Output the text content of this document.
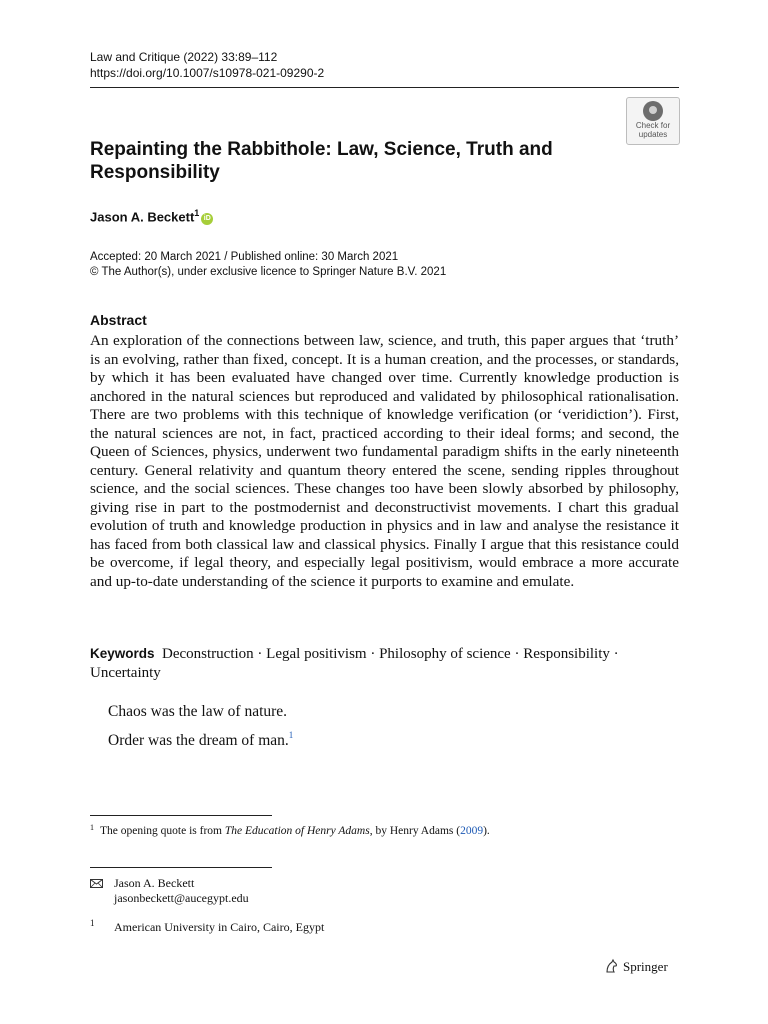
Law and Critique (2022) 33:89–112
https://doi.org/10.1007/s10978-021-09290-2
Check for
updates
Repainting the Rabbithole: Law, Science, Truth and Responsibility
Jason A. Beckett$^1$iD
Accepted: 20 March 2021 / Published online: 30 March 2021
© The Author(s), under exclusive licence to Springer Nature B.V. 2021
Abstract
An exploration of the connections between law, science, and truth, this paper argues that ‘truth’ is an evolving, rather than fixed, concept. It is a human creation, and the processes, or standards, by which it has been evaluated have changed over time. Currently knowledge production is anchored in the natural sciences but reproduced and validated by philosophical rationalisation. There are two problems with this technique of knowledge verification (or ‘veridiction’). First, the natural sciences are not, in fact, practiced according to their ideal forms; and second, the Queen of Sciences, physics, underwent two fundamental paradigm shifts in the early nineteenth century. General relativity and quantum theory entered the scene, sending ripples throughout science, and the social sciences. These changes too have been slowly absorbed by philosophy, giving rise in part to the postmodernist and deconstructivist movements. I chart this gradual evolution of truth and knowledge production in physics and in law and analyse the resistance it has faced from both classical law and classical physics. Finally I argue that this resistance could be overcome, if legal theory, and especially legal positivism, would embrace a more accurate and up-to-date understanding of the science it purports to examine and emulate.
Keywords Deconstruction · Legal positivism · Philosophy of science · Responsibility · Uncertainty
Chaos was the law of nature.
Order was the dream of man.$^1$
$^1$ The opening quote is from The Education of Henry Adams, by Henry Adams (2009).
Jason A. Beckett
jasonbeckett@aucegypt.edu
1 American University in Cairo, Cairo, Egypt
Springer
